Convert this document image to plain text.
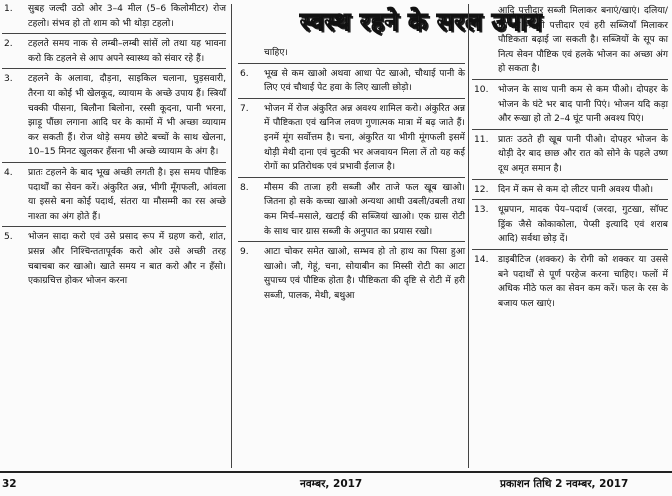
स्वस्थ रहने के सरल उपाय
1.	सुबह जल्दी उठो ओर 3–4 मील (5–6 किलोमीटर) रोज टहलो। संभव हो तो शाम को भी थोड़ा टहलो।
2.	टहलते समय नाक से लम्बी–लम्बी सांसें लो तथा यह भावना करो कि टहलने से आप अपने स्वास्थ्य को संवार रहे हैं।
3.	टहलने के अलावा, दौड़ना, साइकिल चलाना, घुड़सवारी, तैरना या कोई भी खेलकूद, व्यायाम के अच्छे उपाय हैं। स्त्रियाँ चक्की पीसना, बिलौना बिलोना, रस्सी कूदना, पानी भरना, झाड़ू पौंछा लगाना आदि घर के कामों में भी अच्छा व्यायाम कर सकती हैं। रोज थोड़े समय छोटे बच्चों के साथ खेलना, 10–15 मिनट खुलकर हँसना भी अच्छे व्यायाम के अंग है।
4.	प्रातः टहलने के बाद भूख अच्छी लगती है। इस समय पौष्टिक पदार्थों का सेवन करें। अंकुरित अन्न, भीगी मूँगफली, आंवला या इससे बना कोई पदार्थ, संतरा या मौसम्मी का रस अच्छे नाश्ता का अंग होते हैं।
5.	भोजन सादा करो एवं उसे प्रसाद रूप में ग्रहण करो, शांत, प्रसन्न और निश्चिन्ततापूर्वक करो ओर उसे अच्छी तरह चबाचबा कर खाओ। खाते समय न बात करो और न हँसो। एकाग्रचित्त होकर भोजन करना
चाहिए।
6.	भूख से कम खाओ अथवा आधा पेट खाओ, चौथाई पानी के लिए एवं चौथाई पेट हवा के लिए खाली छोड़ो।
7.	भोजन में रोज अंकुरित अन्न अवश्य शामिल करो। अंकुरित अन्न में पौष्टिकता एवं खनिज लवण गुणात्मक मात्रा में बढ़ जाते हैं। इनमें मूंग सर्वोत्तम है। चना, अंकुरित या भीगी मूंगफली इसमें थोड़ी मेथी दाना एवं चुटकी भर अजवायन मिला लें तो यह कई रोगों का प्रतिरोधक एवं प्रभावी ईलाज है।
8.	मौसम की ताजा हरी सब्जी और ताजे फल खूब खाओ। जितना हो सके कच्चा खाओ अन्यथा आधी उबली/उबली तथा कम मिर्च–मसाले, खटाई की सब्जियां खाओ। एक ग्रास रोटी के साथ चार ग्रास सब्जी के अनुपात का प्रयास रखो।
9.	आटा चोकर समेत खाओ, सम्भव हो तो हाथ का पिसा हुआ खाओ। जौ, गेहूं, चना, सोयाबीन का मिस्सी रोटी का आटा सुपाच्य एवं पौष्टिक होता है। पौष्टिकता की दृष्टि से रोटी में हरी सब्जी, पालक, मेथी, बथुआ
आदि पत्तीदार सब्जी मिलाकर बनाएं/खाएं। दलिया/खिचड़ी में भी पत्तीदार एवं हरी सब्जियाँ मिलाकर पौष्टिकता बढ़ाई जा सकती है। सब्जियों के सूप का नित्य सेवन पौष्टिक एवं हलके भोजन का अच्छा अंग हो सकता है।
10.	भोजन के साथ पानी कम से कम पीओ। दोपहर के भोजन के घंटे भर बाद पानी पिएं। भोजन यदि कड़ा और रूखा हो तो 2–4 घूंट पानी अवश्य पिएं।
11.	प्रातः उठते ही खूब पानी पीओ। दोपहर भोजन के थोड़ी देर बाद छाछ और रात को सोने के पहले उष्ण दूध अमृत समान है।
12.	दिन में कम से कम दो लीटर पानी अवश्य पीओ।
13.	धूम्रपान, मादक पेय–पदार्थ (जरदा, गुटखा, सॉफ्ट ड्रिंक जैसे कोकाकोला, पेप्सी इत्यादि एवं शराब आदि) सर्वथा छोड़ दें।
14.	डाइबीटिज (शक्कर) के रोगी को शक्कर या उससे बने पदार्थों से पूर्ण परहेज करना चाहिए। फलों में अधिक मीठे फल का सेवन कम करें। फल के रस के बजाय फल खाएं।
32	नवम्बर, 2017	प्रकाशन तिथि 2 नवम्बर, 2017
